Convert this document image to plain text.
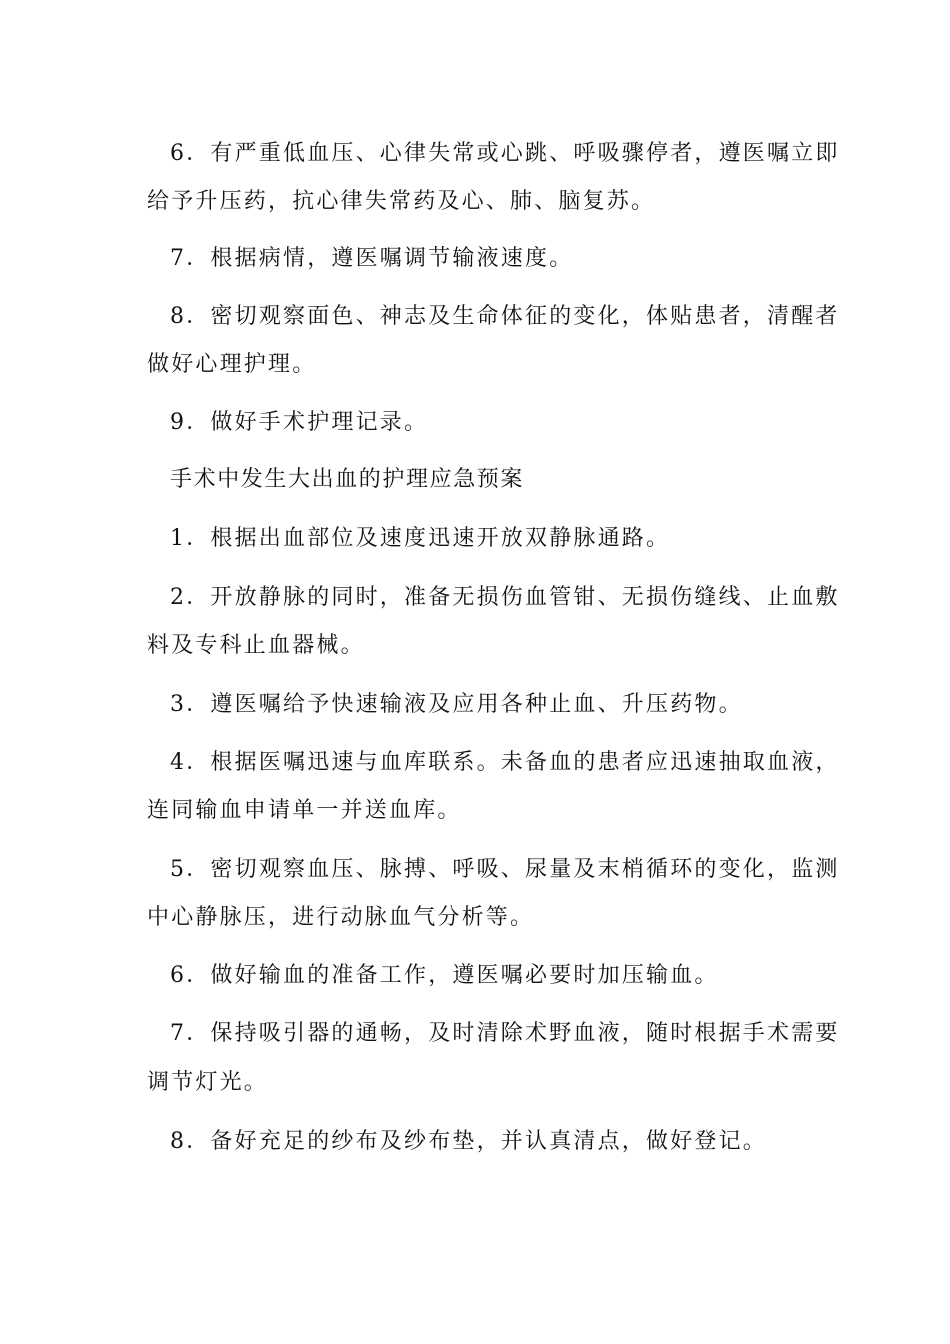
6．有严重低血压、心律失常或心跳、呼吸骤停者，遵医嘱立即
给予升压药，抗心律失常药及心、肺、脑复苏。
7．根据病情，遵医嘱调节输液速度。
8．密切观察面色、神志及生命体征的变化，体贴患者，清醒者
做好心理护理。
9．做好手术护理记录。
手术中发生大出血的护理应急预案
1．根据出血部位及速度迅速开放双静脉通路。
2．开放静脉的同时，准备无损伤血管钳、无损伤缝线、止血敷
料及专科止血器械。
3．遵医嘱给予快速输液及应用各种止血、升压药物。
4．根据医嘱迅速与血库联系。未备血的患者应迅速抽取血液，
连同输血申请单一并送血库。
5．密切观察血压、脉搏、呼吸、尿量及末梢循环的变化，监测
中心静脉压，进行动脉血气分析等。
6．做好输血的准备工作，遵医嘱必要时加压输血。
7．保持吸引器的通畅，及时清除术野血液，随时根据手术需要
调节灯光。
8．备好充足的纱布及纱布垫，并认真清点，做好登记。
